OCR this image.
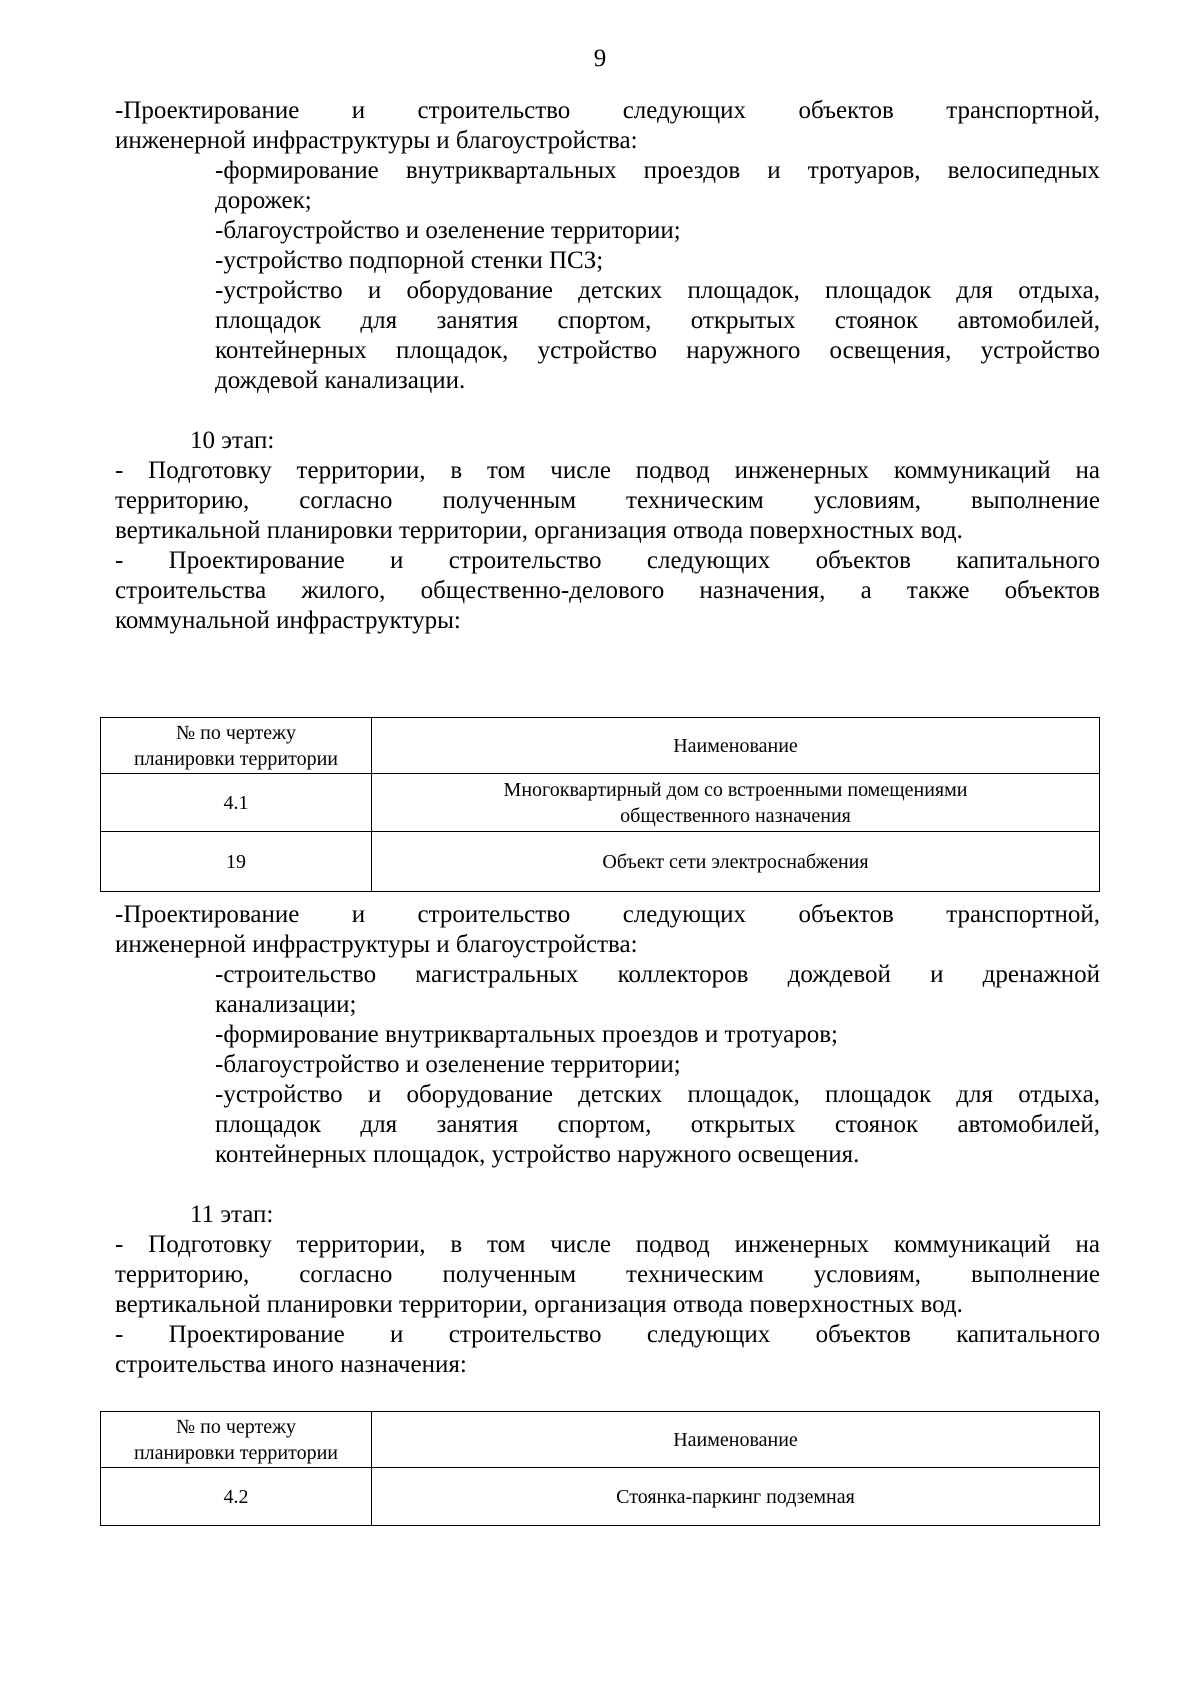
9
-Проектирование и строительство следующих объектов транспортной,
инженерной инфраструктуры и благоустройства:
-формирование внутриквартальных проездов и тротуаров, велосипедных
дорожек;
-благоустройство и озеленение территории;
-устройство подпорной стенки ПСЗ;
-устройство и оборудование детских площадок, площадок для отдыха,
площадок для занятия спортом, открытых стоянок автомобилей,
контейнерных площадок, устройство наружного освещения, устройство
дождевой канализации.
10 этап:
- Подготовку территории, в том числе подвод инженерных коммуникаций на
территорию, согласно полученным техническим условиям, выполнение
вертикальной планировки территории, организация отвода поверхностных вод.
- Проектирование и строительство следующих объектов капитального
строительства жилого, общественно-делового назначения, а также объектов
коммунальной инфраструктуры:
№ по чертежу
планировки территории	Наименование
4.1	Многоквартирный дом со встроенными помещениями
общественного назначения

19	Объект сети электроснабжения
-Проектирование и строительство следующих объектов транспортной,
инженерной инфраструктуры и благоустройства:
-строительство магистральных коллекторов дождевой и дренажной
канализации;
-формирование внутриквартальных проездов и тротуаров;
-благоустройство и озеленение территории;
-устройство и оборудование детских площадок, площадок для отдыха,
площадок для занятия спортом, открытых стоянок автомобилей,
контейнерных площадок, устройство наружного освещения.
11 этап:
- Подготовку территории, в том числе подвод инженерных коммуникаций на
территорию, согласно полученным техническим условиям, выполнение
вертикальной планировки территории, организация отвода поверхностных вод.
- Проектирование и строительство следующих объектов капитального
строительства иного назначения:
№ по чертежу
планировки территории	Наименование
4.2	Стоянка-паркинг подземная
